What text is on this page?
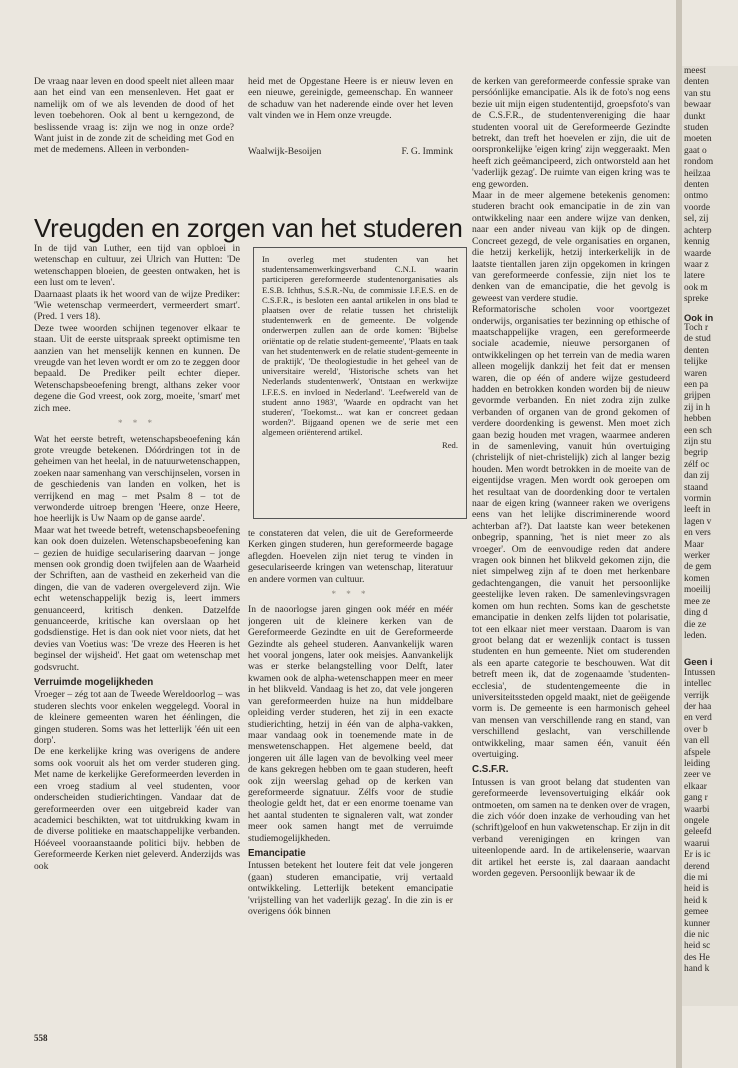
De vraag naar leven en dood speelt niet alleen maar aan het eind van een mensenleven. Het gaat er namelijk om of we als levenden de dood of het leven toebehoren. Ook al bent u kerngezond, de beslissende vraag is: zijn we nog in onze orde? Want juist in de zonde zit de scheiding met God en met de medemens. Alleen in verbonden-

heid met de Opgestane Heere is er nieuw leven en een nieuwe, gereinigde, gemeenschap. En wanneer de schaduw van het naderende einde over het leven valt vinden we in Hem onze vreugde.

Waalwijk-Besoijen	F. G. Immink
Vreugden en zorgen van het studeren

In de tijd van Luther, een tijd van opbloei in wetenschap en cultuur, zei Ulrich van Hutten: 'De wetenschappen bloeien, de geesten ontwaken, het is een lust om te leven'.

Daarnaast plaats ik het woord van de wijze Prediker: 'Wie wetenschap vermeerdert, vermeerdert smart'. (Pred. 1 vers 18).

Deze twee woorden schijnen tegenover elkaar te staan. Uit de eerste uitspraak spreekt optimisme ten aanzien van het menselijk kennen en kunnen. De vreugde van het leven wordt er om zo te zeggen door bepaald. De Prediker peilt echter dieper. Wetenschapsbeoefening brengt, althans zeker voor degene die God vreest, ook zorg, moeite, 'smart' met zich mee.

* * *

Wat het eerste betreft, wetenschapsbeoefening kán grote vreugde betekenen. Dóórdringen tot in de geheimen van het heelal, in de natuurwetenschappen, zoeken naar samenhang van verschijnselen, vorsen in de geschiedenis van landen en volken, het is verrijkend en mag – met Psalm 8 – tot de verwonderde uitroep brengen 'Heere, onze Heere, hoe heerlijk is Uw Naam op de ganse aarde'.

Maar wat het tweede betreft, wetenschapsbeoefening kan ook doen duizelen. Wetenschapsbeoefening kan – gezien de huidige secularisering daarvan – jonge mensen ook grondig doen twijfelen aan de Waarheid der Schriften, aan de vastheid en zekerheid van die dingen, die van de vaderen overgeleverd zijn. Wie echt wetenschappelijk bezig is, leert immers genuanceerd, kritisch denken. Datzelfde genuanceerde, kritische kan overslaan op het godsdienstige. Het is dan ook niet voor niets, dat het devies van Voetius was: 'De vreze des Heeren is het beginsel der wijsheid'. Het gaat om wetenschap met godsvrucht.

Verruimde mogelijkheden

Vroeger – zég tot aan de Tweede Wereldoorlog – was studeren slechts voor enkelen weggelegd. Vooral in de kleinere gemeenten waren het éénlingen, die gingen studeren. Soms was het letterlijk 'één uit een dorp'.

De ene kerkelijke kring was overigens de andere soms ook vooruit als het om verder studeren ging. Met name de kerkelijke Gereformeerden leverden in een vroeg stadium al veel studenten, voor onderscheiden studierichtingen. Vandaar dat de gereformeerden over een uitgebreid kader van academici beschikten, wat tot uitdrukking kwam in de diverse politieke en maatschappelijke verbanden. Hóéveel vooraanstaande politici bijv. hebben de Gereformeerde Kerken niet geleverd. Anderzijds was ook

In overleg met studenten van het studentensamenwerkingsverband C.N.I. waarin participeren gereformeerde studentenorganisaties als E.S.B. Ichthus, S.S.R.-Nu, de commissie I.F.E.S. en de C.S.F.R., is besloten een aantal artikelen in ons blad te plaatsen over de relatie tussen het christelijk studentenwerk en de gemeente. De volgende onderwerpen zullen aan de orde komen: 'Bijbelse oriëntatie op de relatie student-gemeente', 'Plaats en taak van het studentenwerk en de relatie student-gemeente in de praktijk', 'De theologiestudie in het geheel van de universitaire wereld', 'Historische schets van het Nederlands studentenwerk', 'Ontstaan en werkwijze I.F.E.S. en invloed in Nederland'. 'Leefwereld van de student anno 1983', 'Waarde en opdracht van het studeren', 'Toekomst... wat kan er concreet gedaan worden?'. Bijgaand openen we de serie met een algemeen oriënterend artikel.

Red.

te constateren dat velen, die uit de Gereformeerde Kerken gingen studeren, hun gereformeerde bagage aflegden. Hoevelen zijn niet terug te vinden in geseculariseerde kringen van wetenschap, literatuur en andere vormen van cultuur.

* * *

In de naoorlogse jaren gingen ook méér en méér jongeren uit de kleinere kerken van de Gereformeerde Gezindte en uit de Gereformeerde Gezindte als geheel studeren. Aanvankelijk waren het vooral jongens, later ook meisjes. Aanvankelijk was er sterke belangstelling voor Delft, later kwamen ook de alpha-wetenschappen meer en meer in het blikveld. Vandaag is het zo, dat vele jongeren van gereformeerden huize na hun middelbare opleiding verder studeren, het zij in een exacte studierichting, hetzij in één van de alpha-vakken, maar vandaag ook in toenemende mate in de menswetenschappen. Het algemene beeld, dat jongeren uit álle lagen van de bevolking veel meer de kans gekregen hebben om te gaan studeren, heeft ook zijn weerslag gehad op de kerken van gereformeerde signatuur. Zélfs voor de studie theologie geldt het, dat er een enorme toename van het aantal studenten te signaleren valt, wat zonder meer ook samen hangt met de verruimde studiemogelijkheden.

Emancipatie

Intussen betekent het loutere feit dat vele jongeren (gaan) studeren emancipatie, vrij vertaald ontwikkeling. Letterlijk betekent emancipatie 'vrijstelling van het vaderlijk gezag'. In die zin is er overigens óók binnen

de kerken van gereformeerde confessie sprake van persóónlijke emancipatie. Als ik de foto's nog eens bezie uit mijn eigen studententijd, groepsfoto's van de C.S.F.R., de studentenvereniging die haar studenten vooral uit de Gereformeerde Gezindte betrekt, dan treft het hoevelen er zijn, die uit de oorspronkelijke 'eigen kring' zijn weggeraakt. Men heeft zich geëmancipeerd, zich ontworsteld aan het 'vaderlijk gezag'. De ruimte van eigen kring was te eng geworden.

Maar in de meer algemene betekenis genomen: studeren bracht ook emancipatie in de zin van ontwikkeling naar een andere wijze van denken, naar een ander niveau van kijk op de dingen. Concreet gezegd, de vele organisaties en organen, die hetzij kerkelijk, hetzij interkerkelijk in de laatste tientallen jaren zijn opgekomen in kringen van gereformeerde confessie, zijn niet los te denken van de emancipatie, die het gevolg is geweest van verdere studie.

Reformatorische scholen voor voortgezet onderwijs, organisaties ter bezinning op ethische of maatschappelijke vragen, een gereformeerde sociale academie, nieuwe persorganen of ontwikkelingen op het terrein van de media waren alleen mogelijk dankzij het feit dat er mensen waren, die op één of andere wijze gestudeerd hadden en betrokken konden worden bij de nieuw gevormde verbanden. En niet zodra zijn zulke verbanden of organen van de grond gekomen of verdere doordenking is gewenst. Men moet zich gaan bezig houden met vragen, waarmee anderen in de samenleving, vanuit hún overtuiging (christelijk of niet-christelijk) zich al langer bezig houden. Men wordt betrokken in de moeite van de eigentijdse vragen. Men wordt ook geroepen om het resultaat van de doordenking door te vertalen naar de eigen kring (wanneer raken we overigens eens van het lelijke discriminerende woord achterban af?). Dat laatste kan weer betekenen onbegrip, spanning, 'het is niet meer zo als vroeger'. Om de eenvoudige reden dat andere vragen ook binnen het blikveld gekomen zijn, die niet simpelweg zijn af te doen met herkenbare gedachtengangen, die vanuit het persoonlijke geestelijke leven raken. De samenlevingsvragen komen om hun rechten. Soms kan de geschetste emancipatie in denken zelfs lijden tot polarisatie, tot een elkaar niet meer verstaan. Daarom is van groot belang dat er wezenlijk contact is tussen studenten en hun gemeente. Niet om studerenden als een aparte categorie te beschouwen. Wat dit betreft meen ik, dat de zogenaamde 'studenten-ecclesia', de studentengemeente die in universiteitssteden opgeld maakt, niet de geëigende vorm is. De gemeente is een harmonisch geheel van mensen van verschillende rang en stand, van verschillend geslacht, van verschillende ontwikkeling, maar samen één, vanuit één overtuiging.

C.S.F.R.

Intussen is van groot belang dat studenten van gereformeerde levensovertuiging elkáár ook ontmoeten, om samen na te denken over de vragen, die zich vóór doen inzake de verhouding van het (schrift)geloof en hun vakwetenschap. Er zijn in dit verband verenigingen en kringen van uiteenlopende aard. In de artikelenserie, waarvan dit artikel het eerste is, zal daaraan aandacht worden gegeven. Persoonlijk bewaar ik de

meest
denten
van stu
bewaar
dunkt
studen
moeten
gaat o
rondom
heilzaa
denten
ontmo
voorde
sel, zij
achterp
kennig
waarde
waar z
latere
ook m
spreke
Ook in
Toch r
de stud
denten
telijke
waren
een pa
grijpen
zij in h
hebben
een sch
zijn stu
begrip
zélf oc
dan zij
staand
vormin
leeft in
lagen v
en vers
Maar
werker
de gem
komen
moeilij
mee ze
ding d
die ze
leden.
Geen i
Intussen
intellec
verrijk
der haa
en verd
over b
van ell
afspele
leiding
zeer ve
elkaar
gang r
waarbi
ongele
geleefd
waarui
Er is ic
derend
die mi
heid is
heid k
gemee
kunner
die nic
heid sc
des He
hand k
558
